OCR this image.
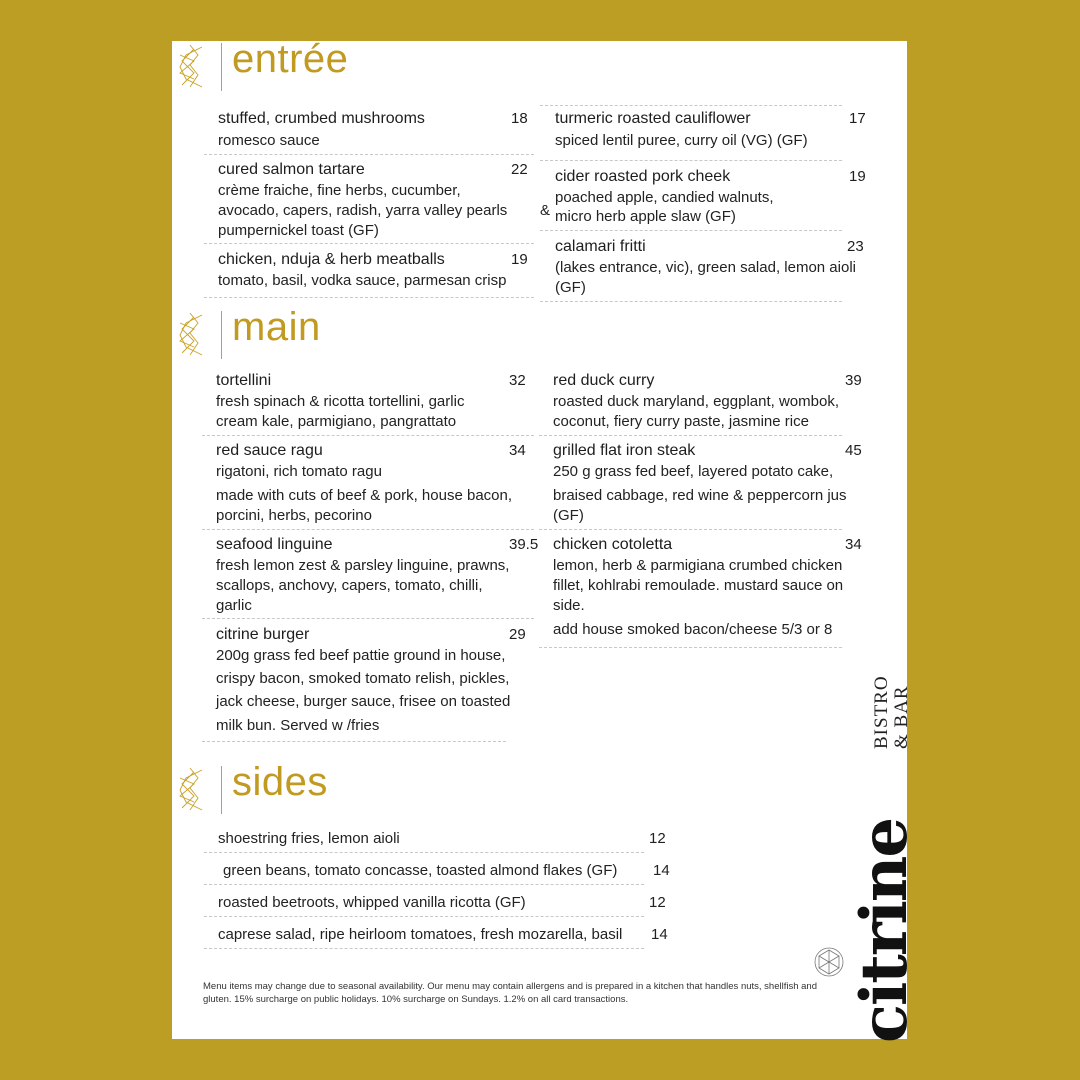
entrée
stuffed, crumbed mushrooms	18
romesco sauce
cured salmon tartare	22
crème fraiche, fine herbs, cucumber,
avocado, capers, radish, yarra valley pearls &
pumpernickel toast (GF)
chicken, nduja & herb meatballs	19
tomato, basil, vodka sauce, parmesan crisp
turmeric roasted cauliflower	17
spiced lentil puree, curry oil (VG) (GF)
cider roasted pork cheek	19
poached apple, candied walnuts,
micro herb apple slaw (GF)
calamari fritti	23
(lakes entrance, vic), green salad, lemon aioli
(GF)
main
tortellini	32
fresh spinach & ricotta tortellini, garlic
cream kale, parmigiano, pangrattato
red sauce ragu	34
rigatoni, rich tomato ragu
made with cuts of beef & pork, house bacon,
porcini, herbs, pecorino
seafood linguine	39.5
fresh lemon zest & parsley linguine, prawns,
scallops, anchovy, capers, tomato, chilli,
garlic
citrine burger	29
200g grass fed beef pattie ground in house,
crispy bacon, smoked tomato relish, pickles,
jack cheese, burger sauce, frisee on toasted
milk bun. Served w /fries
red duck curry	39
roasted duck maryland, eggplant, wombok,
coconut, fiery curry paste, jasmine rice
grilled flat iron steak	45
250 g grass fed beef, layered potato cake,
braised cabbage, red wine & peppercorn jus
(GF)
chicken cotoletta	34
lemon, herb & parmigiana crumbed chicken
fillet, kohlrabi remoulade. mustard sauce on
side.
add house smoked bacon/cheese 5/3 or 8
sides
shoestring fries, lemon aioli	12
green beans, tomato concasse, toasted almond flakes (GF) 14
roasted beetroots, whipped vanilla ricotta (GF)	12
caprese salad, ripe heirloom tomatoes, fresh mozarella, basil 14
Menu items may change due to seasonal availability. Our menu may contain allergens and is prepared in a kitchen that handles nuts, shellfish and gluten. 15% surcharge on public holidays. 10% surcharge on Sundays. 1.2% on all card transactions.
BISTRO & BAR
citrine
